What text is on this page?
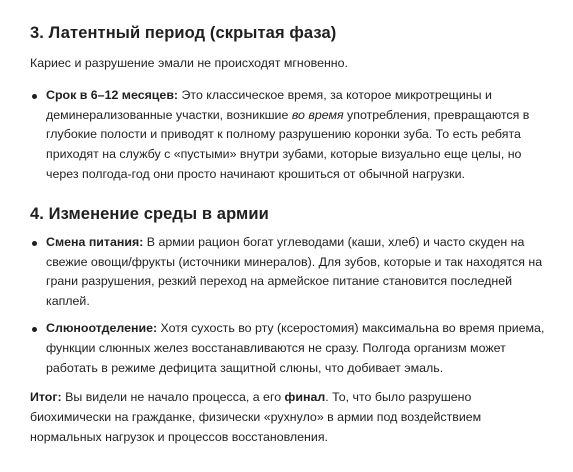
3. Латентный период (скрытая фаза)

Кариес и разрушение эмали не происходят мгновенно.

Срок в 6–12 месяцев: Это классическое время, за которое микротрещины и деминерализованные участки, возникшие во время употребления, превращаются в глубокие полости и приводят к полному разрушению коронки зуба. То есть ребята приходят на службу с «пустыми» внутри зубами, которые визуально еще целы, но через полгода-год они просто начинают крошиться от обычной нагрузки.
4. Изменение среды в армии
Смена питания: В армии рацион богат углеводами (каши, хлеб) и часто скуден на свежие овощи/фрукты (источники минералов). Для зубов, которые и так находятся на грани разрушения, резкий переход на армейское питание становится последней каплей.
Слюноотделение: Хотя сухость во рту (ксеростомия) максимальна во время приема, функции слюнных желез восстанавливаются не сразу. Полгода организм может работать в режиме дефицита защитной слюны, что добивает эмаль.

Итог: Вы видели не начало процесса, а его финал. То, что было разрушено биохимически на гражданке, физически «рухнуло» в армии под воздействием нормальных нагрузок и процессов восстановления.
